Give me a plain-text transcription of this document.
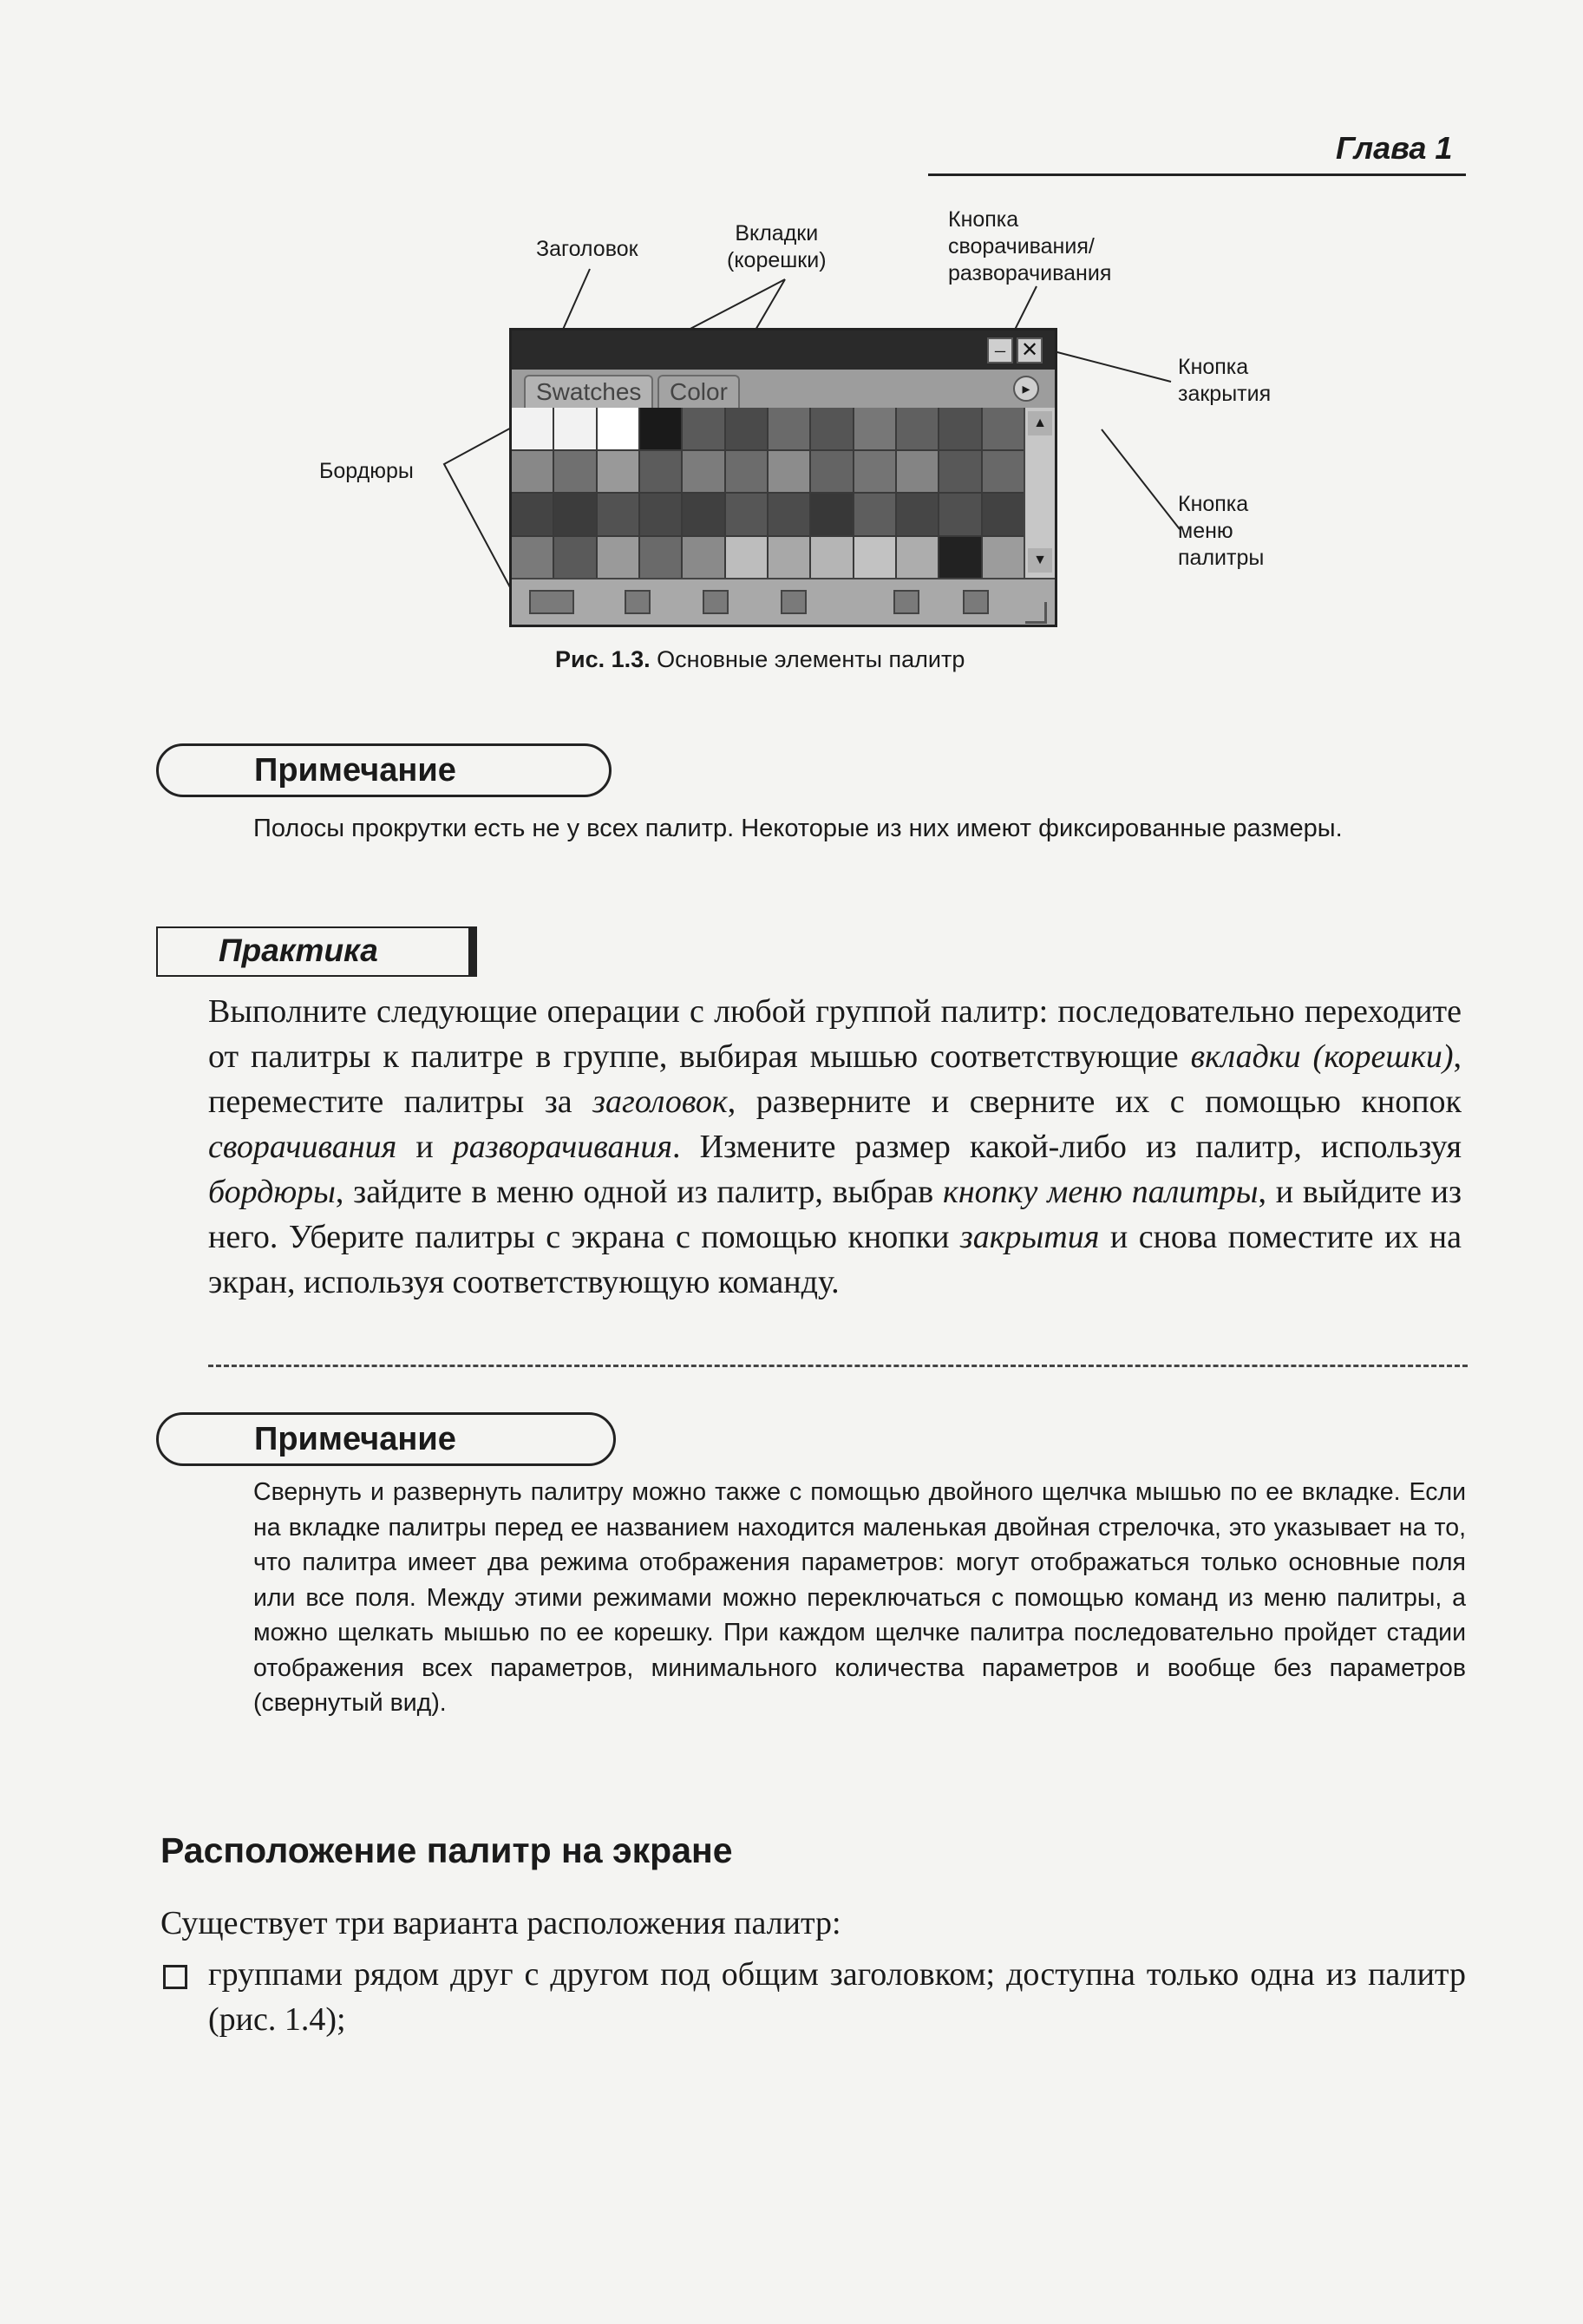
Глава 1
Заголовок
Вкладки
(корешки)
Кнопка
сворачивания/
разворачивания
Кнопка
закрытия
Бордюры
Кнопка
меню
палитры
– ✕
Swatches	Color	▸
▲
▼
Рис. 1.3. Основные элементы палитр
Примечание
Полосы прокрутки есть не у всех палитр. Некоторые из них имеют фиксированные размеры.
Практика
Выполните следующие операции с любой группой палитр: последовательно переходите от палитры к палитре в группе, выбирая мышью соответствующие вкладки (корешки), переместите палитры за заголовок, разверните и сверните их с помощью кнопок сворачивания и разворачивания. Измените размер какой-либо из палитр, используя бордюры, зайдите в меню одной из палитр, выбрав кнопку меню палитры, и выйдите из него. Уберите палитры с экрана с помощью кнопки закрытия и снова поместите их на экран, используя соответствующую команду.
Примечание
Свернуть и развернуть палитру можно также с помощью двойного щелчка мышью по ее вкладке. Если на вкладке палитры перед ее названием находится маленькая двойная стрелочка, это указывает на то, что палитра имеет два режима отображения параметров: могут отображаться только основные поля или все поля. Между этими режимами можно переключаться с помощью команд из меню палитры, а можно щелкать мышью по ее корешку. При каждом щелчке палитра последовательно пройдет стадии отображения всех параметров, минимального количества параметров и вообще без параметров (свернутый вид).
Расположение палитр на экране
Существует три варианта расположения палитр:
группами рядом друг с другом под общим заголовком; доступна только одна из палитр (рис. 1.4);
